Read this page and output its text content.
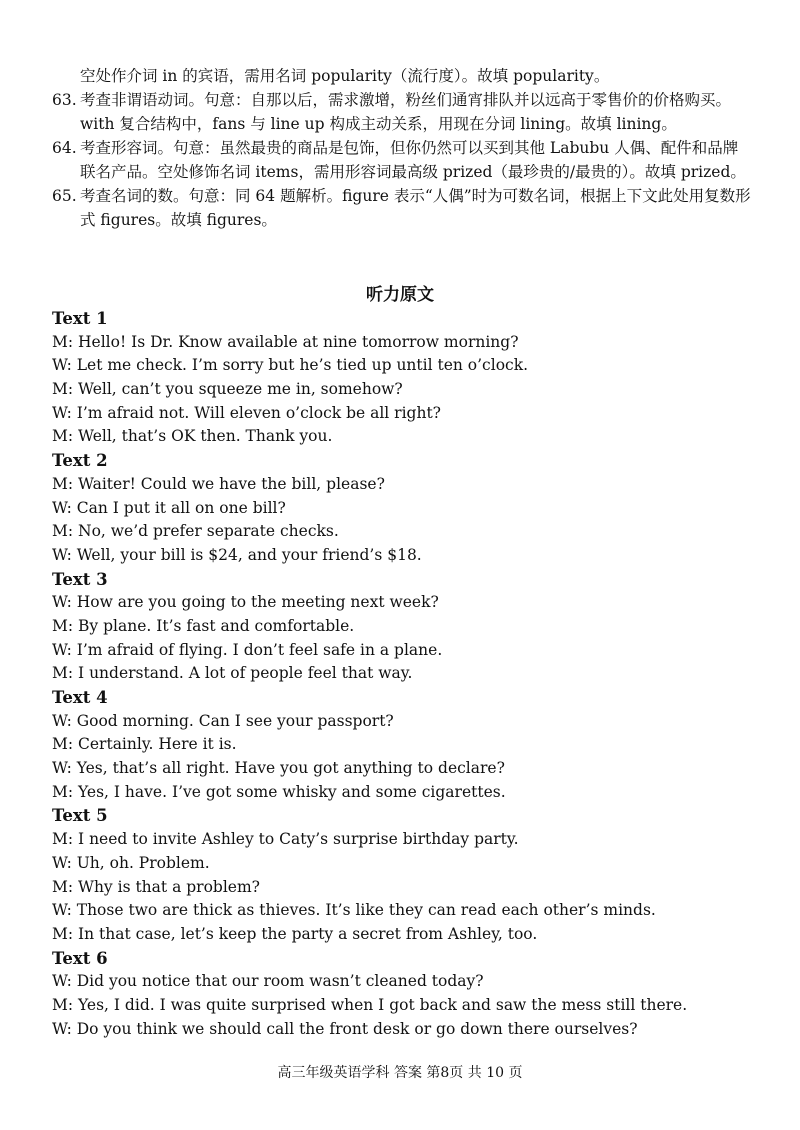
空处作介词 in 的宾语，需用名词 popularity（流行度）。故填 popularity。
63. 考查非谓语动词。句意：自那以后，需求激增，粉丝们通宵排队并以远高于零售价的价格购买。with 复合结构中，fans 与 line up 构成主动关系，用现在分词 lining。故填 lining。
64. 考查形容词。句意：虽然最贵的商品是包饰，但你仍然可以买到其他 Labubu 人偶、配件和品牌联名产品。空处修饰名词 items，需用形容词最高级 prized（最珍贵的/最贵的）。故填 prized。
65. 考查名词的数。句意：同 64 题解析。figure 表示“人偶”时为可数名词，根据上下文此处用复数形式 figures。故填 figures。
听力原文
Text 1
M: Hello! Is Dr. Know available at nine tomorrow morning?
W: Let me check. I’m sorry but he’s tied up until ten o’clock.
M: Well, can’t you squeeze me in, somehow?
W: I’m afraid not. Will eleven o’clock be all right?
M: Well, that’s OK then. Thank you.
Text 2
M: Waiter! Could we have the bill, please?
W: Can I put it all on one bill?
M: No, we’d prefer separate checks.
W: Well, your bill is $24, and your friend’s $18.
Text 3
W: How are you going to the meeting next week?
M: By plane. It’s fast and comfortable.
W: I’m afraid of flying. I don’t feel safe in a plane.
M: I understand. A lot of people feel that way.
Text 4
W: Good morning. Can I see your passport?
M: Certainly. Here it is.
W: Yes, that’s all right. Have you got anything to declare?
M: Yes, I have. I’ve got some whisky and some cigarettes.
Text 5
M: I need to invite Ashley to Caty’s surprise birthday party.
W: Uh, oh. Problem.
M: Why is that a problem?
W: Those two are thick as thieves. It’s like they can read each other’s minds.
M: In that case, let’s keep the party a secret from Ashley, too.
Text 6
W: Did you notice that our room wasn’t cleaned today?
M: Yes, I did. I was quite surprised when I got back and saw the mess still there.
W: Do you think we should call the front desk or go down there ourselves?
高三年级英语学科 答案 第8页 共 10 页
